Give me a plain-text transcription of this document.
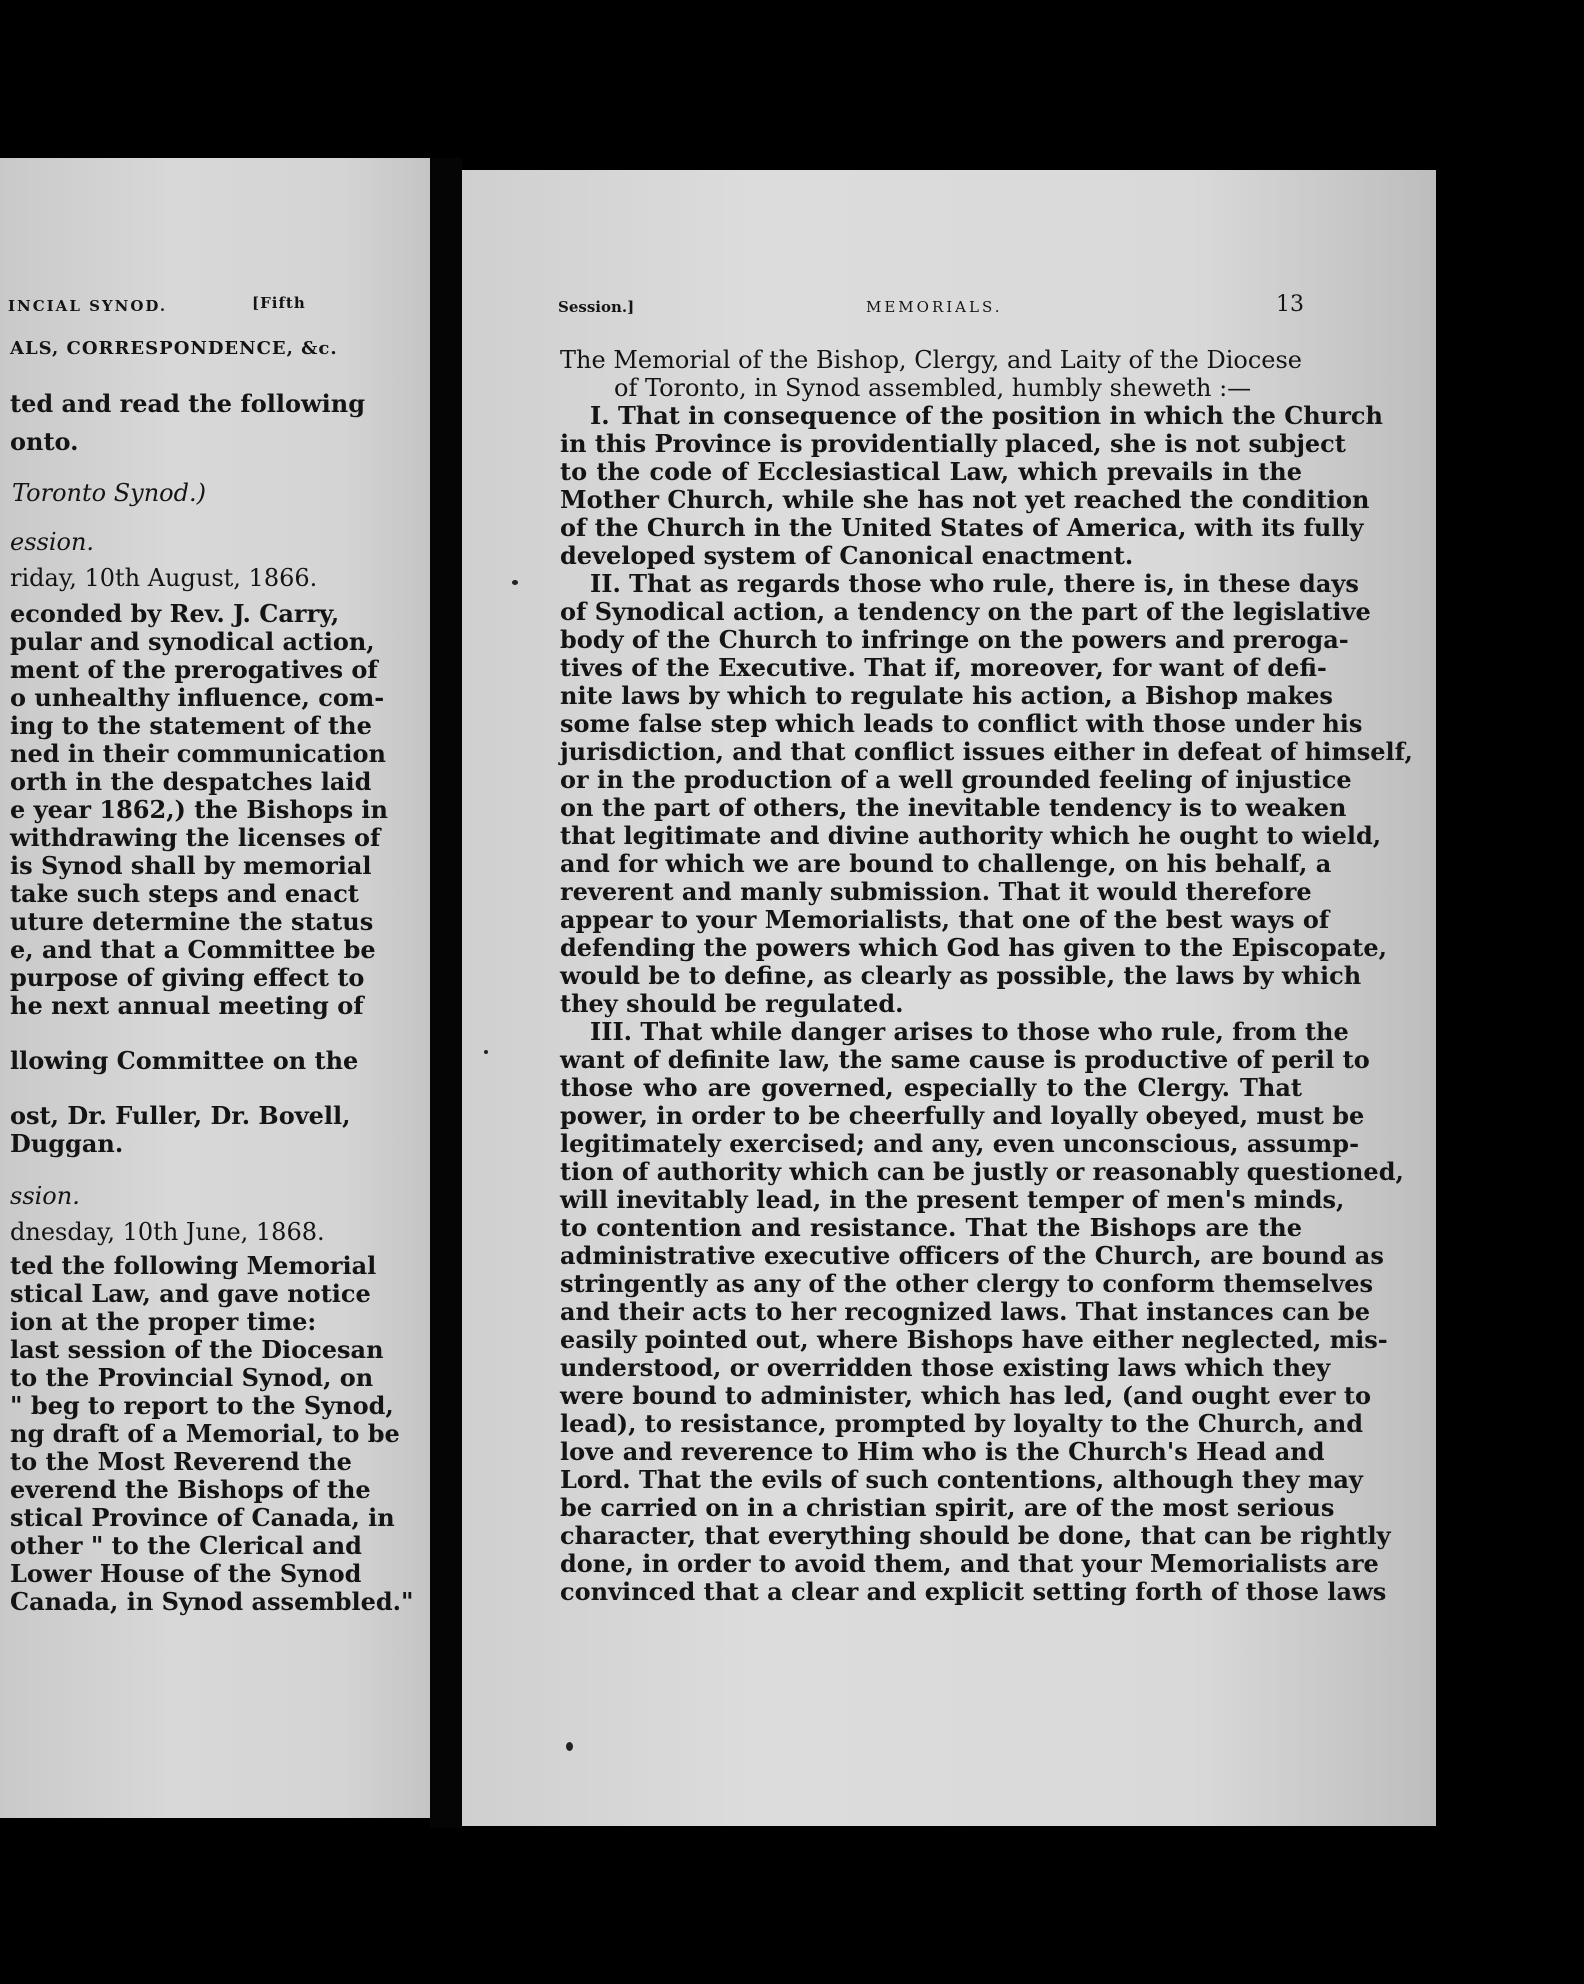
INCIAL SYNOD.	[Fifth
ALS, CORRESPONDENCE, &c.
ted and read the following
onto.
Toronto Synod.)
ession.
riday, 10th August, 1866.
econded by Rev. J. Carry,
pular and synodical action,
ment of the prerogatives of
o unhealthy influence, com-
ing to the statement of the
ned in their communication
orth in the despatches laid
e year 1862,) the Bishops in
withdrawing the licenses of
is Synod shall by memorial
take such steps and enact
uture determine the status
e, and that a Committee be
purpose of giving effect to
he next annual meeting of
llowing Committee on the
ost, Dr. Fuller, Dr. Bovell,
Duggan.
ssion.
dnesday, 10th June, 1868.
ted the following Memorial
stical Law, and gave notice
ion at the proper time:
last session of the Diocesan
to the Provincial Synod, on
" beg to report to the Synod,
ng draft of a Memorial, to be
to the Most Reverend the
everend the Bishops of the
stical Province of Canada, in
other " to the Clerical and
Lower House of the Synod
Canada, in Synod assembled."
Session.]	MEMORIALS.	13
The Memorial of the Bishop, Clergy, and Laity of the Diocese
of Toronto, in Synod assembled, humbly sheweth :—
I. That in consequence of the position in which the Church
in this Province is providentially placed, she is not subject
to the code of Ecclesiastical Law, which prevails in the
Mother Church, while she has not yet reached the condition
of the Church in the United States of America, with its fully
developed system of Canonical enactment.
II. That as regards those who rule, there is, in these days
of Synodical action, a tendency on the part of the legislative
body of the Church to infringe on the powers and preroga-
tives of the Executive. That if, moreover, for want of defi-
nite laws by which to regulate his action, a Bishop makes
some false step which leads to conflict with those under his
jurisdiction, and that conflict issues either in defeat of himself,
or in the production of a well grounded feeling of injustice
on the part of others, the inevitable tendency is to weaken
that legitimate and divine authority which he ought to wield,
and for which we are bound to challenge, on his behalf, a
reverent and manly submission. That it would therefore
appear to your Memorialists, that one of the best ways of
defending the powers which God has given to the Episcopate,
would be to define, as clearly as possible, the laws by which
they should be regulated.
III. That while danger arises to those who rule, from the
want of definite law, the same cause is productive of peril to
those who are governed, especially to the Clergy. That
power, in order to be cheerfully and loyally obeyed, must be
legitimately exercised; and any, even unconscious, assump-
tion of authority which can be justly or reasonably questioned,
will inevitably lead, in the present temper of men's minds,
to contention and resistance. That the Bishops are the
administrative executive officers of the Church, are bound as
stringently as any of the other clergy to conform themselves
and their acts to her recognized laws. That instances can be
easily pointed out, where Bishops have either neglected, mis-
understood, or overridden those existing laws which they
were bound to administer, which has led, (and ought ever to
lead), to resistance, prompted by loyalty to the Church, and
love and reverence to Him who is the Church's Head and
Lord. That the evils of such contentions, although they may
be carried on in a christian spirit, are of the most serious
character, that everything should be done, that can be rightly
done, in order to avoid them, and that your Memorialists are
convinced that a clear and explicit setting forth of those laws
